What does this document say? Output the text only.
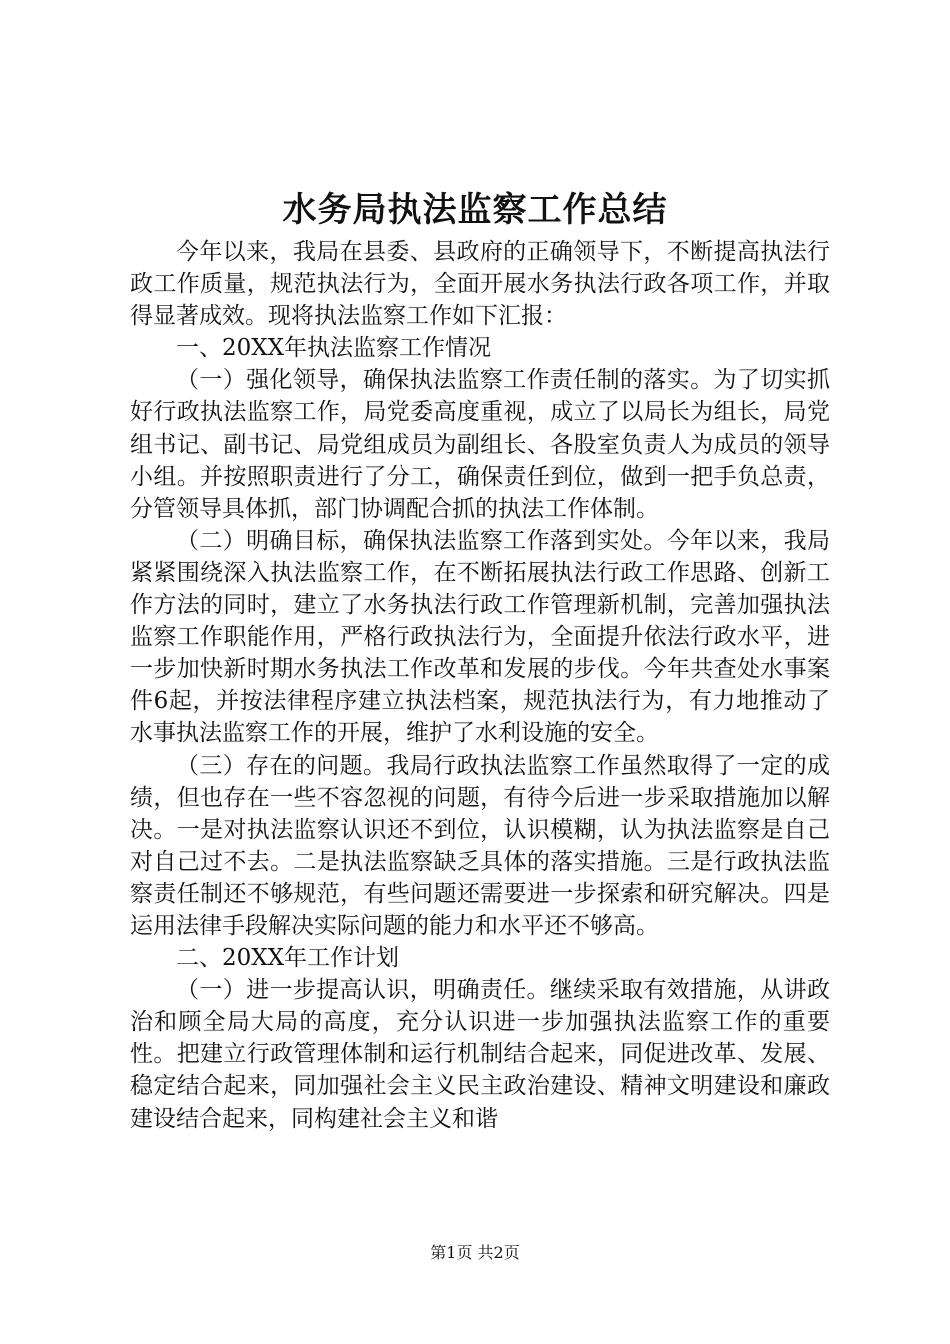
水务局执法监察工作总结

今年以来，我局在县委、县政府的正确领导下，不断提高执法行政工作质量，规范执法行为，全面开展水务执法行政各项工作，并取得显著成效。现将执法监察工作如下汇报：

一、20XX年执法监察工作情况

（一）强化领导，确保执法监察工作责任制的落实。为了切实抓好行政执法监察工作，局党委高度重视，成立了以局长为组长，局党组书记、副书记、局党组成员为副组长、各股室负责人为成员的领导小组。并按照职责进行了分工，确保责任到位，做到一把手负总责，分管领导具体抓，部门协调配合抓的执法工作体制。

（二）明确目标，确保执法监察工作落到实处。今年以来，我局紧紧围绕深入执法监察工作，在不断拓展执法行政工作思路、创新工作方法的同时，建立了水务执法行政工作管理新机制，完善加强执法监察工作职能作用，严格行政执法行为，全面提升依法行政水平，进一步加快新时期水务执法工作改革和发展的步伐。今年共查处水事案件6起，并按法律程序建立执法档案，规范执法行为，有力地推动了水事执法监察工作的开展，维护了水利设施的安全。

（三）存在的问题。我局行政执法监察工作虽然取得了一定的成绩，但也存在一些不容忽视的问题，有待今后进一步采取措施加以解决。一是对执法监察认识还不到位，认识模糊，认为执法监察是自己对自己过不去。二是执法监察缺乏具体的落实措施。三是行政执法监察责任制还不够规范，有些问题还需要进一步探索和研究解决。四是运用法律手段解决实际问题的能力和水平还不够高。

二、20XX年工作计划

（一）进一步提高认识，明确责任。继续采取有效措施，从讲政治和顾全局大局的高度，充分认识进一步加强执法监察工作的重要性。把建立行政管理体制和运行机制结合起来，同促进改革、发展、稳定结合起来，同加强社会主义民主政治建设、精神文明建设和廉政建设结合起来，同构建社会主义和谐

第1页 共2页
